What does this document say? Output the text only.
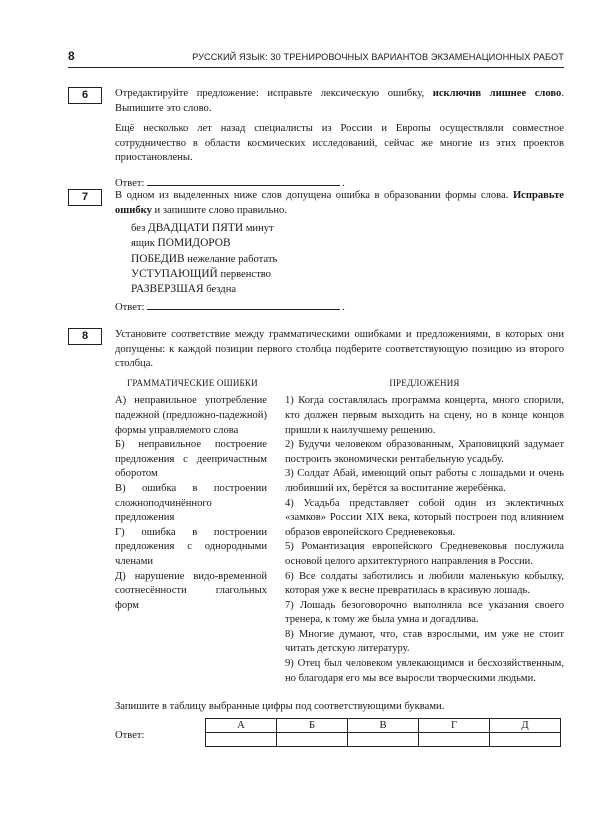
8	РУССКИЙ ЯЗЫК: 30 ТРЕНИРОВОЧНЫХ ВАРИАНТОВ ЭКЗАМЕНАЦИОННЫХ РАБОТ
6	Отредактируйте предложение: исправьте лексическую ошибку, исключив лишнее слово. Выпишите это слово.

Ещё несколько лет назад специалисты из России и Европы осуществляли совместное сотрудничество в области космических исследований, сейчас же многие из этих проектов приостановлены.

Ответ:	.
7	В одном из выделенных ниже слов допущена ошибка в образовании формы слова. Исправьте ошибку и запишите слово правильно.

без ДВАДЦАТИ ПЯТИ минут
ящик ПОМИДОРОВ
ПОБЕДИВ нежелание работать
УСТУПАЮЩИЙ первенство
РАЗВЕРЗШАЯ бездна
Ответ:	.
8	Установите соответствие между грамматическими ошибками и предложениями, в которых они допущены: к каждой позиции первого столбца подберите соответствующую позицию из второго столбца.

ГРАММАТИЧЕСКИЕ ОШИБКИ

А) неправильное употребление падежной (предложно-падежной) формы управляемого слова

Б) неправильное построение предложения с деепричастным оборотом

В) ошибка в построении сложноподчинённого предложения

Г) ошибка в построении предложения с однородными членами

Д) нарушение видо-временной соотнесённости глагольных форм

ПРЕДЛОЖЕНИЯ

1) Когда составлялась программа концерта, много спорили, кто должен первым выходить на сцену, но в конце концов пришли к наилучшему решению.

2) Будучи человеком образованным, Храповицкий задумает построить экономически рентабельную усадьбу.

3) Солдат Абай, имеющий опыт работы с лошадьми и очень любивший их, берётся за воспитание жеребёнка.

4) Усадьба представляет собой один из эклектичных «замков» России XIX века, который построен под влиянием образов европейского Средневековья.

5) Романтизация европейского Средневековья послужила основой целого архитектурного направления в России.

6) Все солдаты заботились и любили маленькую кобылку, которая уже к весне превратилась в красивую лошадь.

7) Лошадь безоговорочно выполняла все указания своего тренера, к тому же была умна и догадлива.

8) Многие думают, что, став взрослыми, им уже не стоит читать детскую литературу.

9) Отец был человеком увлекающимся и бесхозяйственным, но благодаря его мы все выросли творческими людьми.

Запишите в таблицу выбранные цифры под соответствующими буквами.
Ответ:
А	Б	В	Г	Д
